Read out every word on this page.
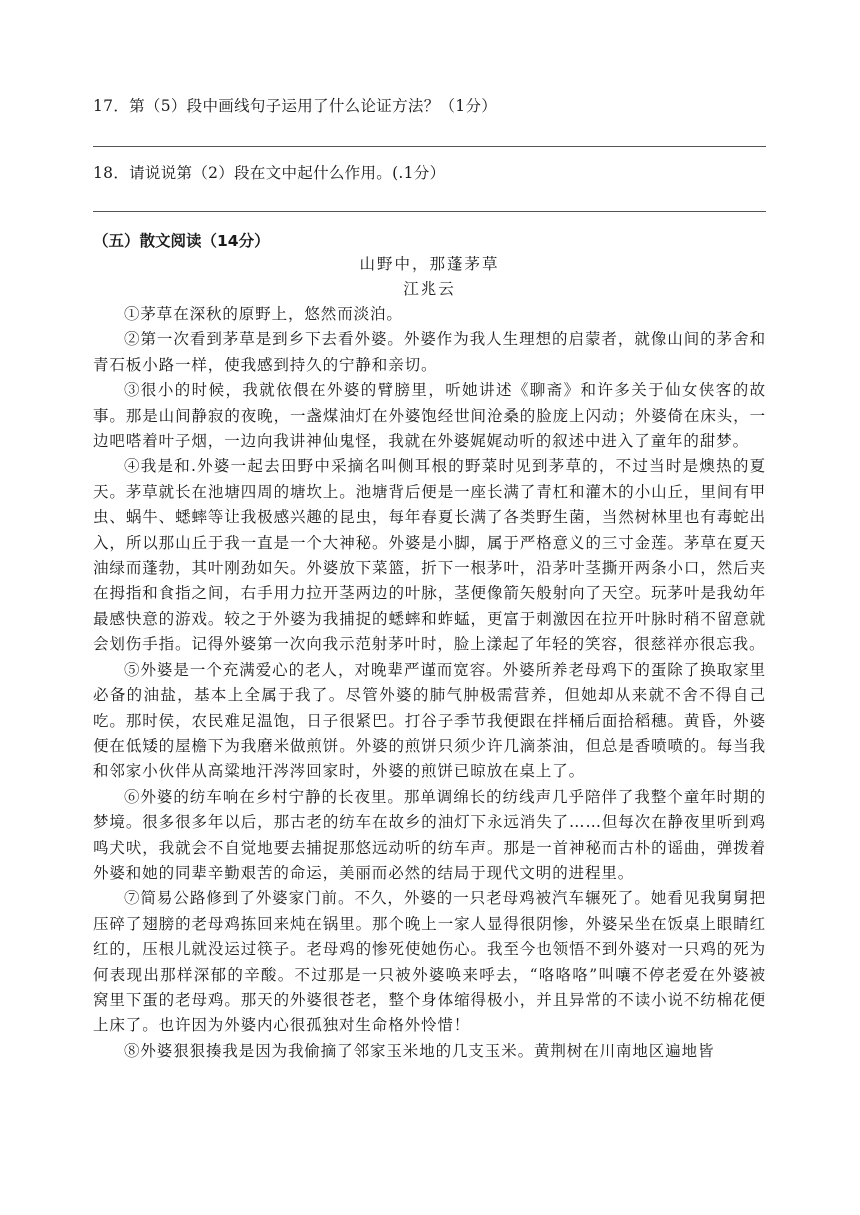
17．第（5）段中画线句子运用了什么论证方法？（1分）
18．请说说第（2）段在文中起什么作用。(.1分）
（五）散文阅读（14分）
山野中，那蓬茅草
江兆云

①茅草在深秋的原野上，悠然而淡泊。

②第一次看到茅草是到乡下去看外婆。外婆作为我人生理想的启蒙者，就像山间的茅舍和青石板小路一样，使我感到持久的宁静和亲切。

③很小的时候，我就依偎在外婆的臂膀里，听她讲述《聊斋》和许多关于仙女侠客的故事。那是山间静寂的夜晚，一盏煤油灯在外婆饱经世间沧桑的脸庞上闪动；外婆倚在床头，一边吧嗒着叶子烟，一边向我讲神仙鬼怪，我就在外婆娓娓动听的叙述中进入了童年的甜梦。

④我是和.外婆一起去田野中采摘名叫侧耳根的野菜时见到茅草的，不过当时是燠热的夏天。茅草就长在池塘四周的塘坎上。池塘背后便是一座长满了青杠和灌木的小山丘，里间有甲虫、蜗牛、蟋蟀等让我极感兴趣的昆虫，每年春夏长满了各类野生菌，当然树林里也有毒蛇出入，所以那山丘于我一直是一个大神秘。外婆是小脚，属于严格意义的三寸金莲。茅草在夏天油绿而蓬勃，其叶刚劲如矢。外婆放下菜篮，折下一根茅叶，沿茅叶茎撕开两条小口，然后夹在拇指和食指之间，右手用力拉开茎两边的叶脉，茎便像箭矢般射向了天空。玩茅叶是我幼年最感快意的游戏。较之于外婆为我捕捉的蟋蟀和蚱蜢，更富于刺激因在拉开叶脉时稍不留意就会划伤手指。记得外婆第一次向我示范射茅叶时，脸上漾起了年轻的笑容，很慈祥亦很忘我。

⑤外婆是一个充满爱心的老人，对晚辈严谨而宽容。外婆所养老母鸡下的蛋除了换取家里必备的油盐，基本上全属于我了。尽管外婆的肺气肿极需营养，但她却从来就不舍不得自己吃。那时侯，农民难足温饱，日子很紧巴。打谷子季节我便跟在拌桶后面拾稻穗。黄昏，外婆便在低矮的屋檐下为我磨米做煎饼。外婆的煎饼只须少许几滴茶油，但总是香喷喷的。每当我和邻家小伙伴从高粱地汗涔涔回家时，外婆的煎饼已晾放在桌上了。

⑥外婆的纺车响在乡村宁静的长夜里。那单调绵长的纺线声几乎陪伴了我整个童年时期的梦境。很多很多年以后，那古老的纺车在故乡的油灯下永远消失了……但每次在静夜里听到鸡鸣犬吠，我就会不自觉地要去捕捉那悠远动听的纺车声。那是一首神秘而古朴的谣曲，弹拨着外婆和她的同辈辛勤艰苦的命运，美丽而必然的结局于现代文明的进程里。

⑦简易公路修到了外婆家门前。不久，外婆的一只老母鸡被汽车辗死了。她看见我舅舅把压碎了翅膀的老母鸡拣回来炖在锅里。那个晚上一家人显得很阴惨，外婆呆坐在饭桌上眼睛红红的，压根儿就没运过筷子。老母鸡的惨死使她伤心。我至今也领悟不到外婆对一只鸡的死为何表现出那样深郁的辛酸。不过那是一只被外婆唤来呼去，“咯咯咯”叫嚷不停老爱在外婆被窝里下蛋的老母鸡。那天的外婆很苍老，整个身体缩得极小，并且异常的不读小说不纺棉花便上床了。也许因为外婆内心很孤独对生命格外怜惜！

⑧外婆狠狠揍我是因为我偷摘了邻家玉米地的几支玉米。黄荆树在川南地区遍地皆
